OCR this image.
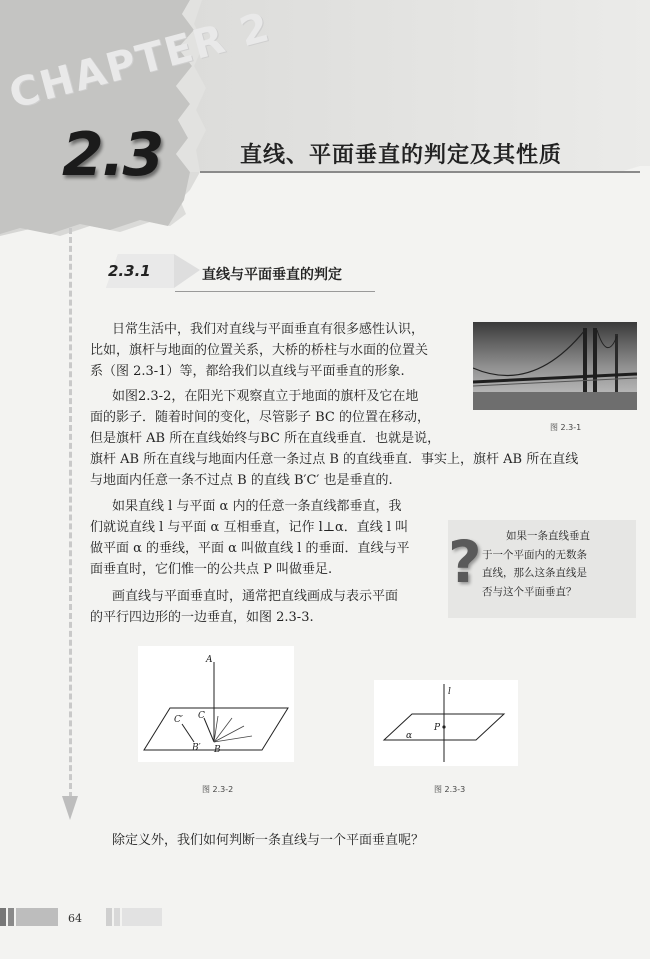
CHAPTER 2
2.3	直线、平面垂直的判定及其性质
2.3.1	直线与平面垂直的判定
日常生活中，我们对直线与平面垂直有很多感性认识，
比如，旗杆与地面的位置关系，大桥的桥柱与水面的位置关
系（图 2.3-1）等，都给我们以直线与平面垂直的形象.
如图2.3-2，在阳光下观察直立于地面的旗杆及它在地
面的影子．随着时间的变化，尽管影子 BC 的位置在移动，
但是旗杆 AB 所在直线始终与BC 所在直线垂直．也就是说，
旗杆 AB 所在直线与地面内任意一条过点 B 的直线垂直．事实上，旗杆 AB 所在直线
与地面内任意一条不过点 B 的直线 B′C′ 也是垂直的.
图 2.3-1
如果直线 l 与平面 α 内的任意一条直线都垂直，我
们就说直线 l 与平面 α 互相垂直，记作 l⊥α．直线 l 叫
做平面 α 的垂线，平面 α 叫做直线 l 的垂面．直线与平
面垂直时，它们惟一的公共点 P 叫做垂足.	?	如果一条直线垂直
于一个平面内的无数条
直线，那么这条直线是
否与这个平面垂直？
画直线与平面垂直时，通常把直线画成与表示平面
的平行四边形的一边垂直，如图 2.3-3.
A
B
C
C′
B′
图 2.3-2
l
P
α
图 2.3-3
除定义外，我们如何判断一条直线与一个平面垂直呢？
64
